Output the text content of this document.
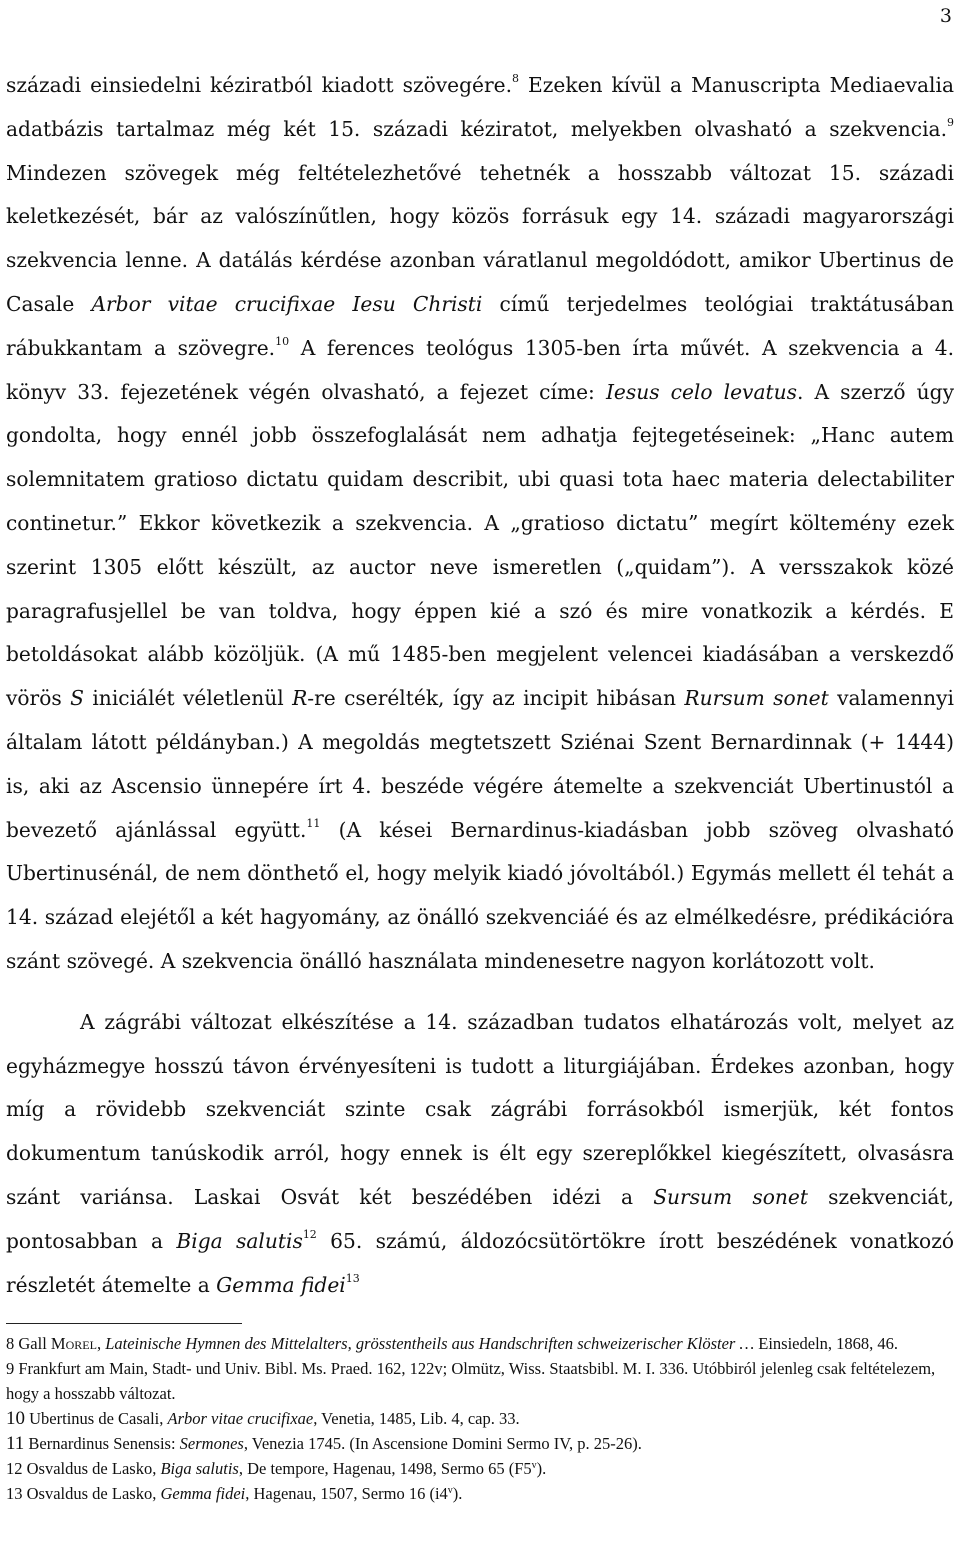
3

századi einsiedelni kéziratból kiadott szövegére.$^8$ Ezeken kívül a Manuscripta Mediaevalia adatbázis tartalmaz még két 15. századi kéziratot, melyekben olvasható a szekvencia.$^9$ Mindezen szövegek még feltételezhetővé tehetnék a hosszabb változat 15. századi keletkezését, bár az valószínűtlen, hogy közös forrásuk egy 14. századi magyarországi szekvencia lenne. A datálás kérdése azonban váratlanul megoldódott, amikor Ubertinus de Casale Arbor vitae crucifixae Iesu Christi című terjedelmes teológiai traktátusában rábukkantam a szövegre.$^{10}$ A ferences teológus 1305-ben írta művét. A szekvencia a 4. könyv 33. fejezetének végén olvasható, a fejezet címe: Iesus celo levatus. A szerző úgy gondolta, hogy ennél jobb összefoglalását nem adhatja fejtegetéseinek: „Hanc autem solemnitatem gratioso dictatu quidam describit, ubi quasi tota haec materia delectabiliter continetur.” Ekkor következik a szekvencia. A „gratioso dictatu” megírt költemény ezek szerint 1305 előtt készült, az auctor neve ismeretlen („quidam”). A versszakok közé paragrafusjellel be van toldva, hogy éppen kié a szó és mire vonatkozik a kérdés. E betoldásokat alább közöljük. (A mű 1485-ben megjelent velencei kiadásában a verskezdő vörös S iniciálét véletlenül R-re cserélték, így az incipit hibásan Rursum sonet valamennyi általam látott példányban.) A megoldás megtetszett Sziénai Szent Bernardinnak (+ 1444) is, aki az Ascensio ünnepére írt 4. beszéde végére átemelte a szekvenciát Ubertinustól a bevezető ajánlással együtt.$^{11}$ (A kései Bernardinus-kiadásban jobb szöveg olvasható Ubertinusénál, de nem dönthető el, hogy melyik kiadó jóvoltából.) Egymás mellett él tehát a 14. század elejétől a két hagyomány, az önálló szekvenciáé és az elmélkedésre, prédikációra szánt szövegé. A szekvencia önálló használata mindenesetre nagyon korlátozott volt.

A zágrábi változat elkészítése a 14. században tudatos elhatározás volt, melyet az egyházmegye hosszú távon érvényesíteni is tudott a liturgiájában. Érdekes azonban, hogy míg a rövidebb szekvenciát szinte csak zágrábi forrásokból ismerjük, két fontos dokumentum tanúskodik arról, hogy ennek is élt egy szereplőkkel kiegészített, olvasásra szánt variánsa. Laskai Osvát két beszédében idézi a Sursum sonet szekvenciát, pontosabban a Biga salutis$^{12}$ 65. számú, áldozócsütörtökre írott beszédének vonatkozó részletét átemelte a Gemma fidei$^{13}$

8 Gall Morel, Lateinische Hymnen des Mittelalters, grösstentheils aus Handschriften schweizerischer Klöster … Einsiedeln, 1868, 46.

9 Frankfurt am Main, Stadt- und Univ. Bibl. Ms. Praed. 162, 122v; Olmütz, Wiss. Staatsbibl. M. I. 336. Utóbbiról jelenleg csak feltételezem, hogy a hosszabb változat.

10 Ubertinus de Casali, Arbor vitae crucifixae, Venetia, 1485, Lib. 4, cap. 33.

11 Bernardinus Senensis: Sermones, Venezia 1745. (In Ascensione Domini Sermo IV, p. 25-26).

12 Osvaldus de Lasko, Biga salutis, De tempore, Hagenau, 1498, Sermo 65 (F5$^v$).

13 Osvaldus de Lasko, Gemma fidei, Hagenau, 1507, Sermo 16 (i4$^v$).
